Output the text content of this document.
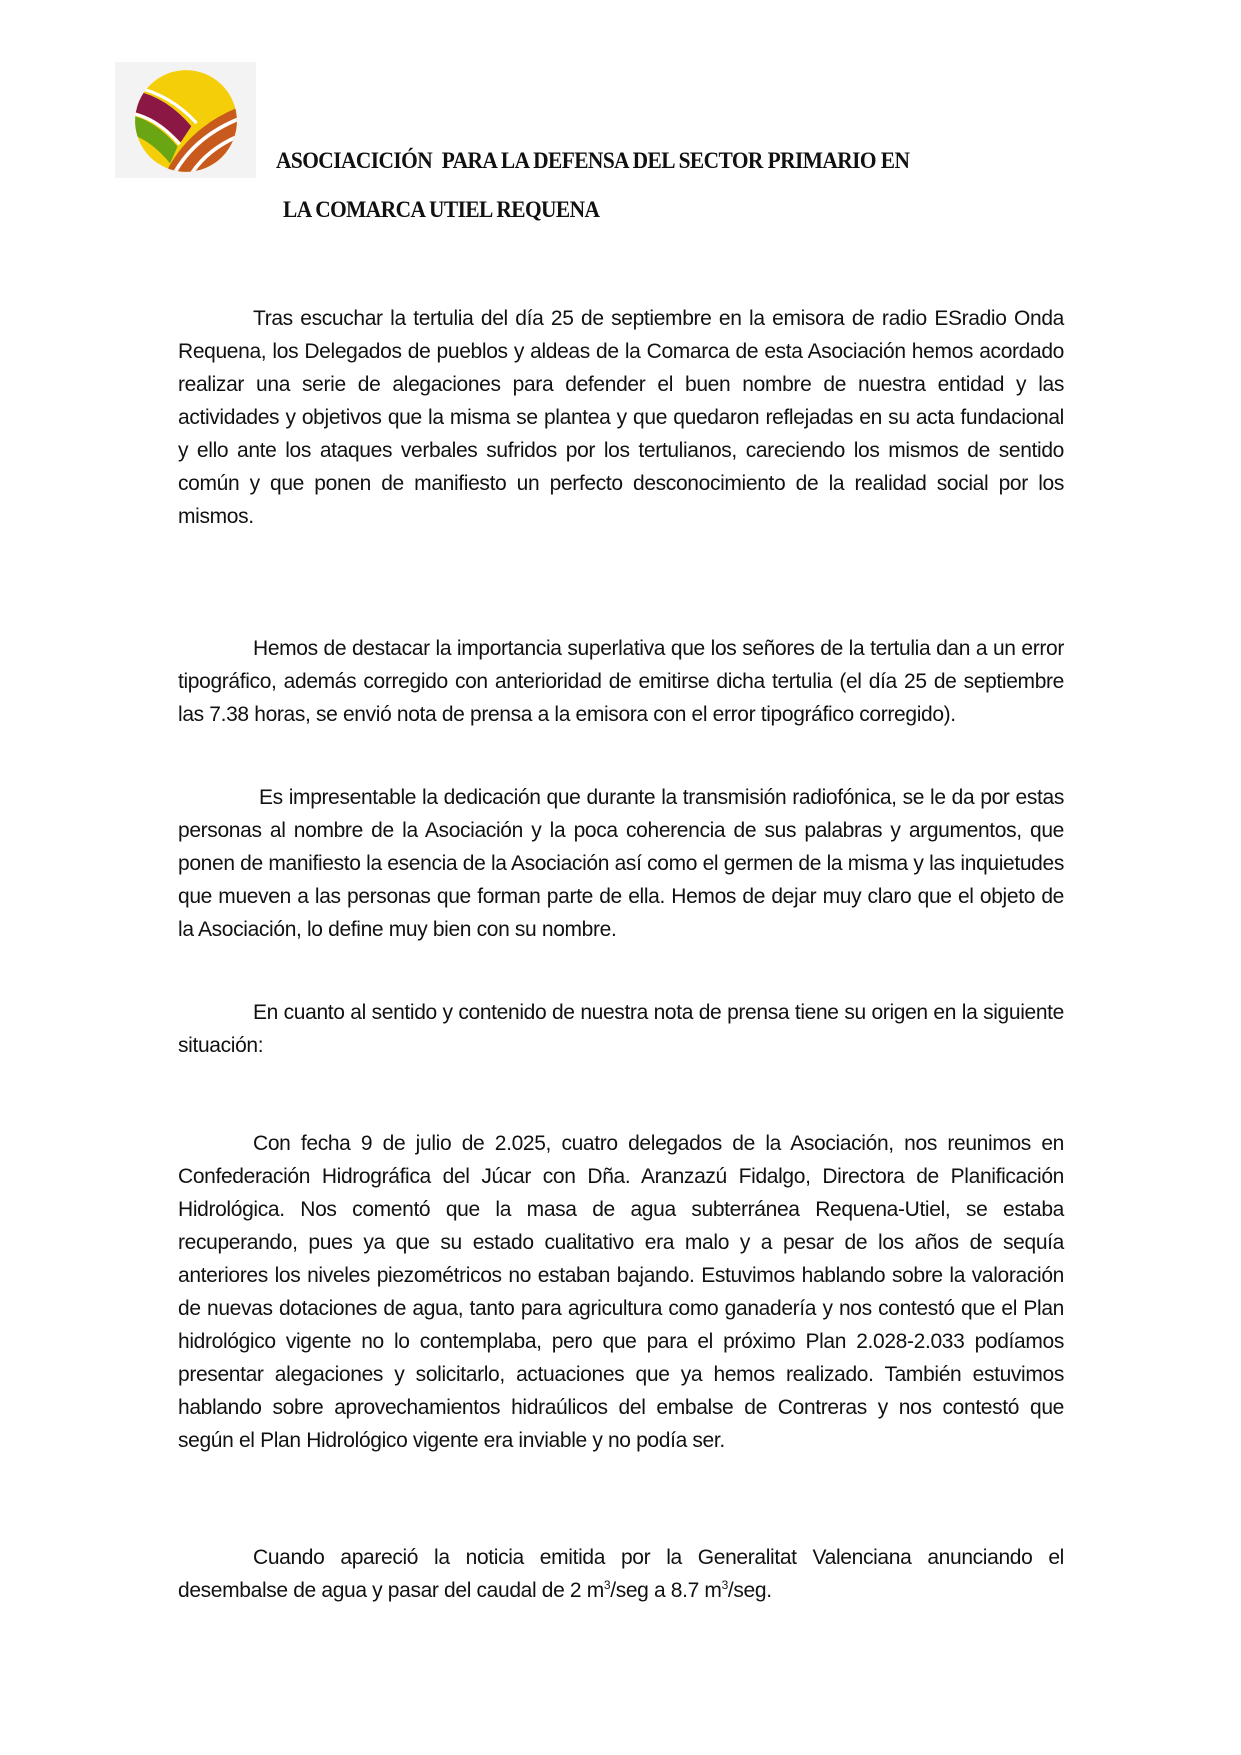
ASOCIACICIÓN  PARA LA DEFENSA DEL SECTOR PRIMARIO EN
LA COMARCA UTIEL REQUENA

Tras escuchar la tertulia del día 25 de septiembre en la emisora de radio ESradio Onda Requena, los Delegados de pueblos y aldeas de la Comarca de esta Asociación hemos acordado realizar una serie de alegaciones para defender el buen nombre de nuestra entidad y las actividades y objetivos que la misma se plantea y que quedaron reflejadas en su acta fundacional y ello ante los ataques verbales sufridos por los tertulianos, careciendo los mismos de sentido común y que ponen de manifiesto un perfecto desconocimiento de la realidad social por los mismos.

Hemos de destacar la importancia superlativa que los señores de la tertulia dan a un error tipográfico, además corregido con anterioridad de emitirse dicha tertulia (el día 25 de septiembre las 7.38 horas, se envió nota de prensa a la emisora con el error tipográfico corregido).

Es impresentable la dedicación que durante la transmisión radiofónica, se le da por estas personas al nombre de la Asociación y la poca coherencia de sus palabras y argumentos, que ponen de manifiesto la esencia de la Asociación así como el germen de la misma y las inquietudes que mueven a las personas que forman parte de ella. Hemos de dejar muy claro que el objeto de la Asociación, lo define muy bien con su nombre.

En cuanto al sentido y contenido de nuestra nota de prensa tiene su origen en la siguiente situación:

Con fecha 9 de julio de 2.025, cuatro delegados de la Asociación, nos reunimos en Confederación Hidrográfica del Júcar con Dña. Aranzazú Fidalgo, Directora de Planificación Hidrológica. Nos comentó que la masa de agua subterránea Requena-Utiel, se estaba recuperando, pues ya que su estado cualitativo era malo y a pesar de los años de sequía anteriores los niveles piezométricos no estaban bajando. Estuvimos hablando sobre la valoración de nuevas dotaciones de agua, tanto para agricultura como ganadería y nos contestó que el Plan hidrológico vigente no lo contemplaba, pero que para el próximo Plan 2.028-2.033 podíamos presentar alegaciones y solicitarlo, actuaciones que ya hemos realizado. También estuvimos hablando sobre aprovechamientos hidraúlicos del embalse de Contreras y nos contestó que según el Plan Hidrológico vigente era inviable y no podía ser.

Cuando apareció la noticia emitida por la Generalitat Valenciana anunciando el desembalse de agua y pasar del caudal de 2 $m^3$/seg a 8.7 $m^3$/seg.
